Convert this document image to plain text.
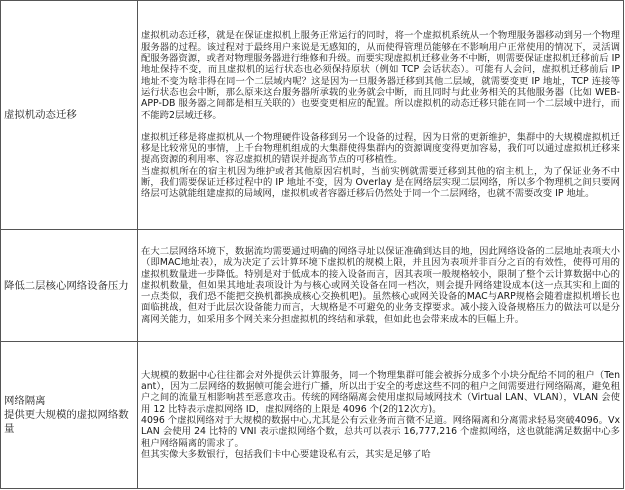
虚拟机动态迁移	虚拟机动态迁移，就是在保证虚拟机上服务正常运行的同时，将一个虚拟机系统从一个物理服务器移动到另一个物理服务器的过程。该过程对于最终用户来说是无感知的，从而使得管理员能够在不影响用户正常使用的情况下，灵活调配服务器资源，或者对物理服务器进行维修和升级。而要实现虚拟机迁移业务不中断，则需要保证虚拟机迁移前后 IP 地址保持不变，而且虚拟机的运行状态也必须保持原状（例如 TCP 会话状态）。可能有人会问，虚拟机迁移前后 IP 地址不变为啥非得在同一个二层域内呢？这是因为一旦服务器迁移到其他二层域，就需要变更 IP 地址，TCP 连接等运行状态也会中断，那么原来这台服务器所承载的业务就会中断，而且同时与此业务相关的其他服务器（比如 WEB-APP-DB 服务器之间都是相互关联的）也要变更相应的配置。所以虚拟机的动态迁移只能在同一个二层域中进行，而不能跨2层域迁移。
虚拟机迁移是将虚拟机从一个物理硬件设备移到另一个设备的过程，因为日常的更新维护，集群中的大规模虚拟机迁移是比较常见的事情，上千台物理机组成的大集群使得集群内的资源调度变得更加容易，我们可以通过虚拟机迁移来提高资源的利用率、容忍虚拟机的错误并提高节点的可移植性。
当虚拟机所在的宿主机因为维护或者其他原因宕机时，当前实例就需要迁移到其他的宿主机上，为了保证业务不中断，我们需要保证迁移过程中的 IP 地址不变，因为 Overlay 是在网络层实现二层网络，所以多个物理机之间只要网络层可达就能组建虚拟的局域网，虚拟机或者容器迁移后仍然处于同一个二层网络，也就不需要改变 IP 地址。

降低二层核心网络设备压力	在大二层网络环境下，数据流均需要通过明确的网络寻址以保证准确到达目的地，因此网络设备的二层地址表项大小（即MAC地址表），成为决定了云计算环境下虚拟机的规模上限，并且因为表项并非百分之百的有效性，使得可用的虚拟机数量进一步降低。特别是对于低成本的接入设备而言，因其表项一般规格较小，限制了整个云计算数据中心的虚拟机数量，但如果其地址表项设计为与核心或网关设备在同一档次，则会提升网络建设成本(这一点其实和上面的一点类似，我们恐不能把交换机都换成核心交换机吧)。虽然核心或网关设备的MAC与ARP规格会随着虚拟机增长也面临挑战，但对于此层次设备能力而言，大规格是不可避免的业务支撑要求。减小接入设备规格压力的做法可以是分离网关能力，如采用多个网关来分担虚拟机的终结和承载，但如此也会带来成本的巨幅上升。

网络隔离
提供更大规模的虚拟网络数量	大规模的数据中心往往都会对外提供云计算服务，同一个物理集群可能会被拆分成多个小块分配给不同的租户（Tenant），因为二层网络的数据帧可能会进行广播，所以出于安全的考虑这些不同的租户之间需要进行网络隔离，避免租户之间的流量互相影响甚至恶意攻击。传统的网络隔离会使用虚拟局域网技术（Virtual LAN、VLAN），VLAN 会使用 12 比特表示虚拟网络 ID，虚拟网络的上限是 4096 个(2的12次方)。
4096 个虚拟网络对于大规模的数据中心,尤其是公有云业务而言微不足道。网络隔离和分离需求轻易突破4096。VxLAN 会使用 24 比特的 VNI 表示虚拟网络个数，总共可以表示 16,777,216 个虚拟网络，这也就能满足数据中心多租户网络隔离的需求了。
但其实像大多数银行，包括我们卡中心要建设私有云，其实是足够了哈
